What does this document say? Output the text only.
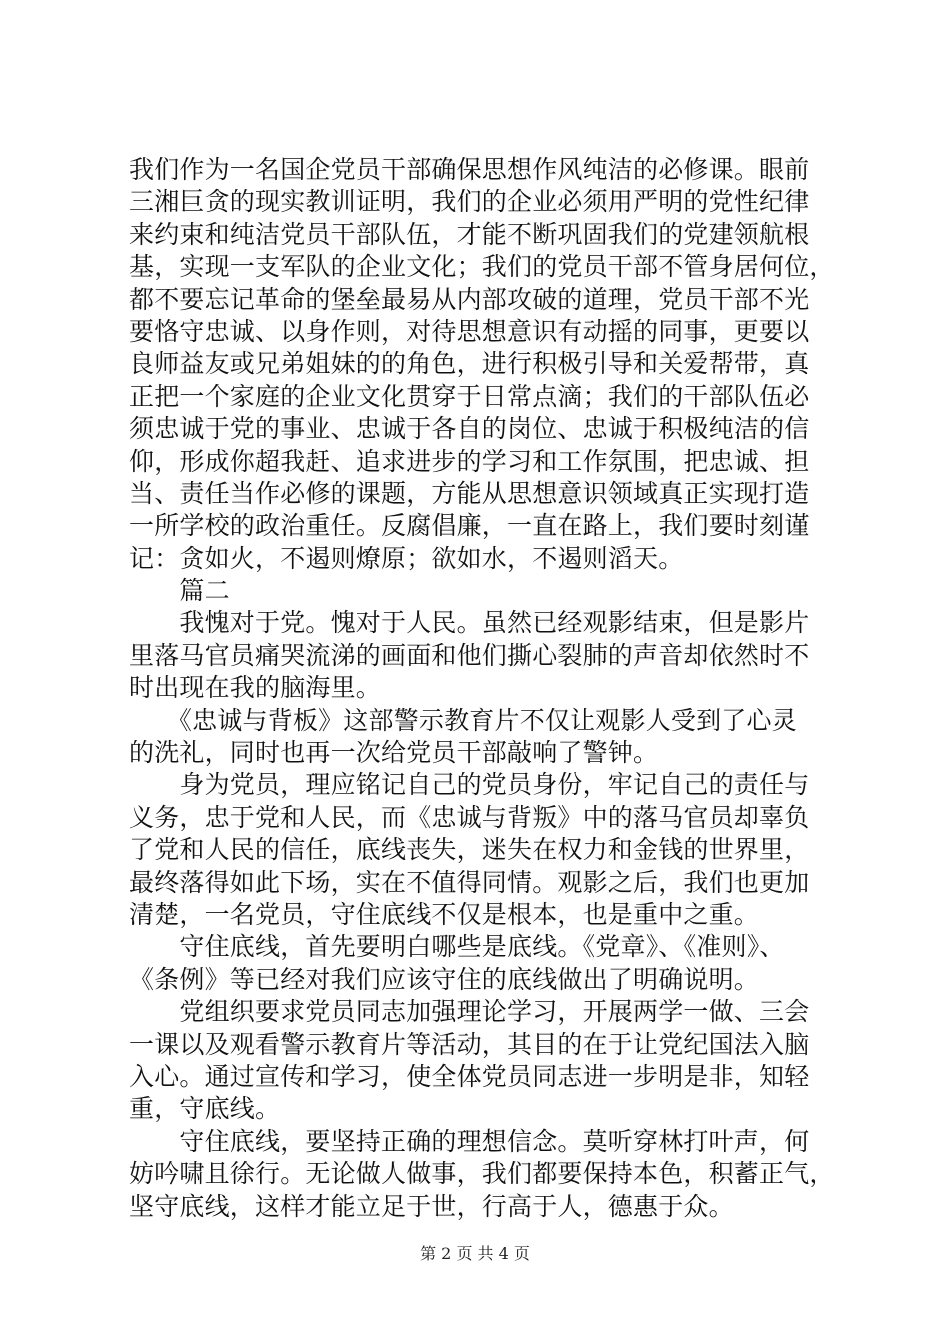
我们作为一名国企党员干部确保思想作风纯洁的必修课。眼前
三湘巨贪的现实教训证明，我们的企业必须用严明的党性纪律
来约束和纯洁党员干部队伍，才能不断巩固我们的党建领航根
基，实现一支军队的企业文化；我们的党员干部不管身居何位，
都不要忘记革命的堡垒最易从内部攻破的道理，党员干部不光
要恪守忠诚、以身作则，对待思想意识有动摇的同事，更要以
良师益友或兄弟姐妹的的角色，进行积极引导和关爱帮带，真
正把一个家庭的企业文化贯穿于日常点滴；我们的干部队伍必
须忠诚于党的事业、忠诚于各自的岗位、忠诚于积极纯洁的信
仰，形成你超我赶、追求进步的学习和工作氛围，把忠诚、担
当、责任当作必修的课题，方能从思想意识领域真正实现打造
一所学校的政治重任。反腐倡廉，一直在路上，我们要时刻谨
记：贪如火，不遏则燎原；欲如水，不遏则滔天。
　　篇二
　　我愧对于党。愧对于人民。虽然已经观影结束，但是影片
里落马官员痛哭流涕的画面和他们撕心裂肺的声音却依然时不
时出现在我的脑海里。
　　《忠诚与背板》这部警示教育片不仅让观影人受到了心灵
的洗礼，同时也再一次给党员干部敲响了警钟。
　　身为党员，理应铭记自己的党员身份，牢记自己的责任与
义务，忠于党和人民，而《忠诚与背叛》中的落马官员却辜负
了党和人民的信任，底线丧失，迷失在权力和金钱的世界里，
最终落得如此下场，实在不值得同情。观影之后，我们也更加
清楚，一名党员，守住底线不仅是根本，也是重中之重。
　　守住底线，首先要明白哪些是底线。《党章》、《准则》、
《条例》等已经对我们应该守住的底线做出了明确说明。
　　党组织要求党员同志加强理论学习，开展两学一做、三会
一课以及观看警示教育片等活动，其目的在于让党纪国法入脑
入心。通过宣传和学习，使全体党员同志进一步明是非，知轻
重，守底线。
　　守住底线，要坚持正确的理想信念。莫听穿林打叶声，何
妨吟啸且徐行。无论做人做事，我们都要保持本色，积蓄正气，
坚守底线，这样才能立足于世，行高于人，德惠于众。
第 2 页 共 4 页
